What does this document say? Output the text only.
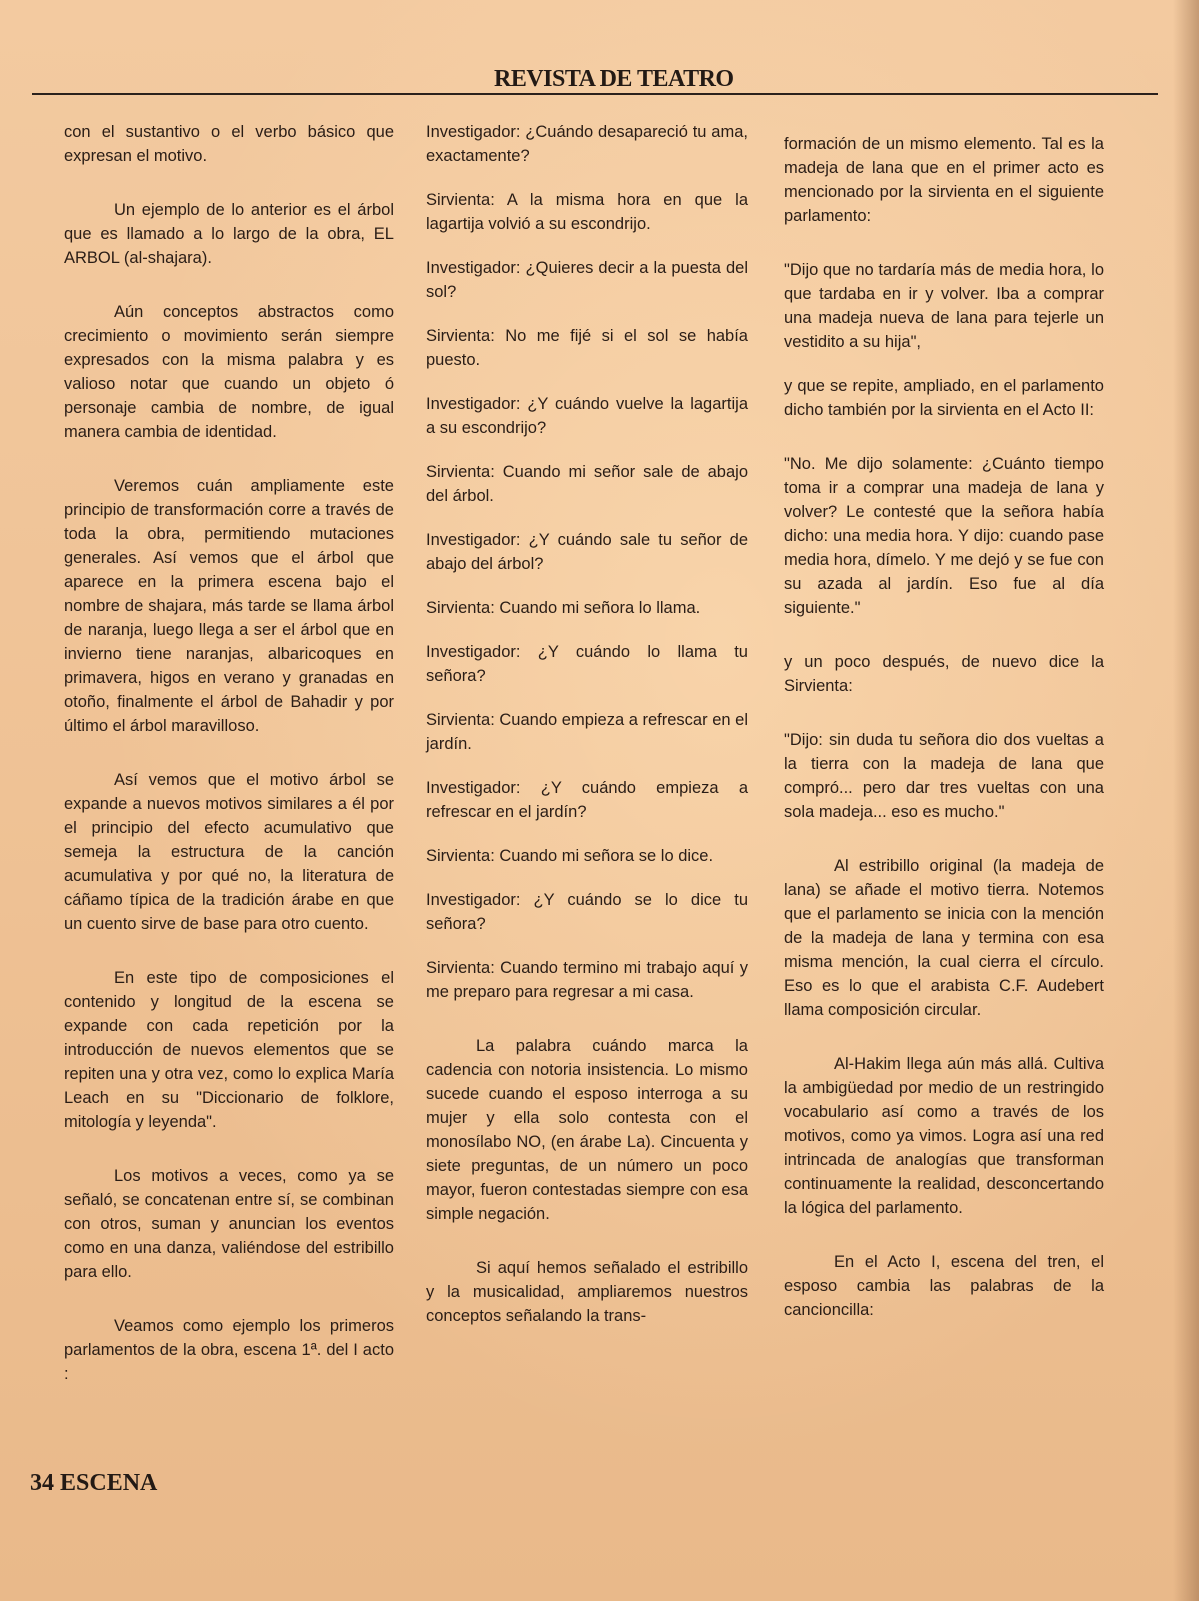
REVISTA DE TEATRO

con el sustantivo o el verbo básico que expresan el motivo.

Un ejemplo de lo anterior es el árbol que es llamado a lo largo de la obra, EL ARBOL (al-shajara).

Aún conceptos abstractos como crecimiento o movimiento serán siempre expresados con la misma palabra y es valioso notar que cuando un objeto ó personaje cambia de nombre, de igual manera cambia de identidad.

Veremos cuán ampliamente este principio de transformación corre a través de toda la obra, permitiendo mutaciones generales. Así vemos que el árbol que aparece en la primera escena bajo el nombre de shajara, más tarde se llama árbol de naranja, luego llega a ser el árbol que en invierno tiene naranjas, albaricoques en primavera, higos en verano y granadas en otoño, finalmente el árbol de Bahadir y por último el árbol maravilloso.

Así vemos que el motivo árbol se expande a nuevos motivos similares a él por el principio del efecto acumulativo que semeja la estructura de la canción acumulativa y por qué no, la literatura de cáñamo típica de la tradición árabe en que un cuento sirve de base para otro cuento.

En este tipo de composiciones el contenido y longitud de la escena se expande con cada repetición por la introducción de nuevos elementos que se repiten una y otra vez, como lo explica María Leach en su "Diccionario de folklore, mitología y leyenda".

Los motivos a veces, como ya se señaló, se concatenan entre sí, se combinan con otros, suman y anuncian los eventos como en una danza, valiéndose del estribillo para ello.

Veamos como ejemplo los primeros parlamentos de la obra, escena 1ª. del I acto :

Investigador: ¿Cuándo desapareció tu ama, exactamente?

Sirvienta: A la misma hora en que la lagartija volvió a su escondrijo.

Investigador: ¿Quieres decir a la puesta del sol?

Sirvienta: No me fijé si el sol se había puesto.

Investigador: ¿Y cuándo vuelve la lagartija a su escondrijo?

Sirvienta: Cuando mi señor sale de abajo del árbol.

Investigador: ¿Y cuándo sale tu señor de abajo del árbol?

Sirvienta: Cuando mi señora lo llama.

Investigador: ¿Y cuándo lo llama tu señora?

Sirvienta: Cuando empieza a refrescar en el jardín.

Investigador: ¿Y cuándo empieza a refrescar en el jardín?

Sirvienta: Cuando mi señora se lo dice.

Investigador: ¿Y cuándo se lo dice tu señora?

Sirvienta: Cuando termino mi trabajo aquí y me preparo para regresar a mi casa.

La palabra cuándo marca la cadencia con notoria insistencia. Lo mismo sucede cuando el esposo interroga a su mujer y ella solo contesta con el monosílabo NO, (en árabe La). Cincuenta y siete preguntas, de un número un poco mayor, fueron contestadas siempre con esa simple negación.

Si aquí hemos señalado el estribillo y la musicalidad, ampliaremos nuestros conceptos señalando la trans-

formación de un mismo elemento. Tal es la madeja de lana que en el primer acto es mencionado por la sirvienta en el siguiente parlamento:

"Dijo que no tardaría más de media hora, lo que tardaba en ir y volver. Iba a comprar una madeja nueva de lana para tejerle un vestidito a su hija",

y que se repite, ampliado, en el parlamento dicho también por la sirvienta en el Acto II:

"No. Me dijo solamente: ¿Cuánto tiempo toma ir a comprar una madeja de lana y volver? Le contesté que la señora había dicho: una media hora. Y dijo: cuando pase media hora, dímelo. Y me dejó y se fue con su azada al jardín. Eso fue al día siguiente."

y un poco después, de nuevo dice la Sirvienta:

"Dijo: sin duda tu señora dio dos vueltas a la tierra con la madeja de lana que compró... pero dar tres vueltas con una sola madeja... eso es mucho."

Al estribillo original (la madeja de lana) se añade el motivo tierra. Notemos que el parlamento se inicia con la mención de la madeja de lana y termina con esa misma mención, la cual cierra el círculo. Eso es lo que el arabista C.F. Audebert llama composición circular.

Al-Hakim llega aún más allá. Cultiva la ambigüedad por medio de un restringido vocabulario así como a través de los motivos, como ya vimos. Logra así una red intrincada de analogías que transforman continuamente la realidad, desconcertando la lógica del parlamento.

En el Acto I, escena del tren, el esposo cambia las palabras de la cancioncilla:

34 ESCENA
